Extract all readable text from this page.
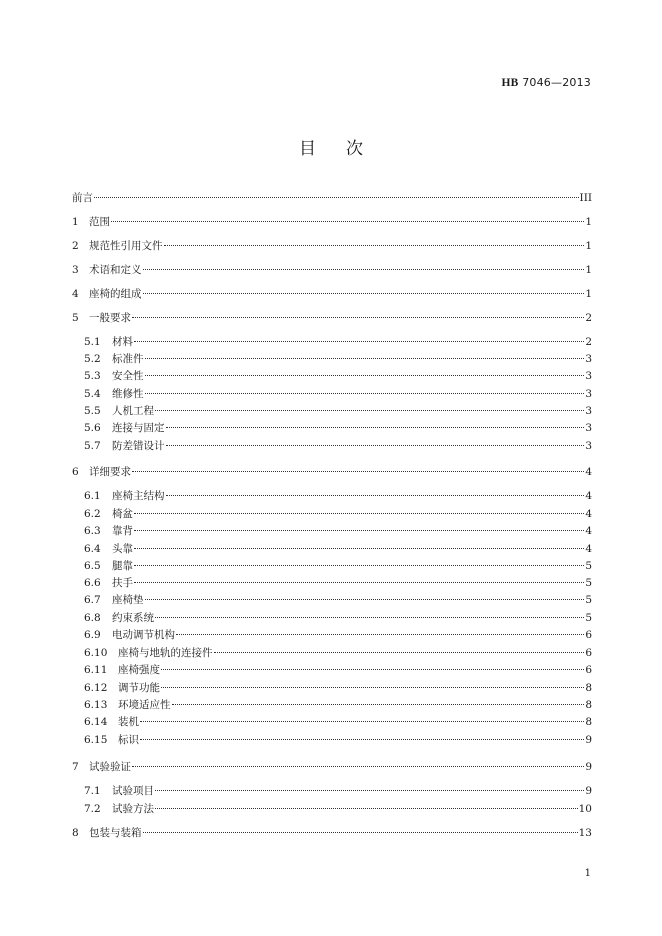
HB 7046—2013
目次
前言	III
1 范围	1
2 规范性引用文件	1
3 术语和定义	1
4 座椅的组成	1
5 一般要求	2
5.1	材料	2
5.2	标准件	3
5.3	安全性	3
5.4	维修性	3
5.5	人机工程	3
5.6	连接与固定	3
5.7	防差错设计	3
6 详细要求	4
6.1	座椅主结构	4
6.2	椅盆	4
6.3	靠背	4
6.4	头靠	4
6.5	腿靠	5
6.6	扶手	5
6.7	座椅垫	5
6.8	约束系统	5
6.9	电动调节机构	6
6.10	座椅与地轨的连接件	6
6.11	座椅强度	6
6.12	调节功能	8
6.13	环境适应性	8
6.14	装机	8
6.15	标识	9
7 试验验证	9
7.1	试验项目	9
7.2	试验方法	10
8 包装与装箱	13
1
